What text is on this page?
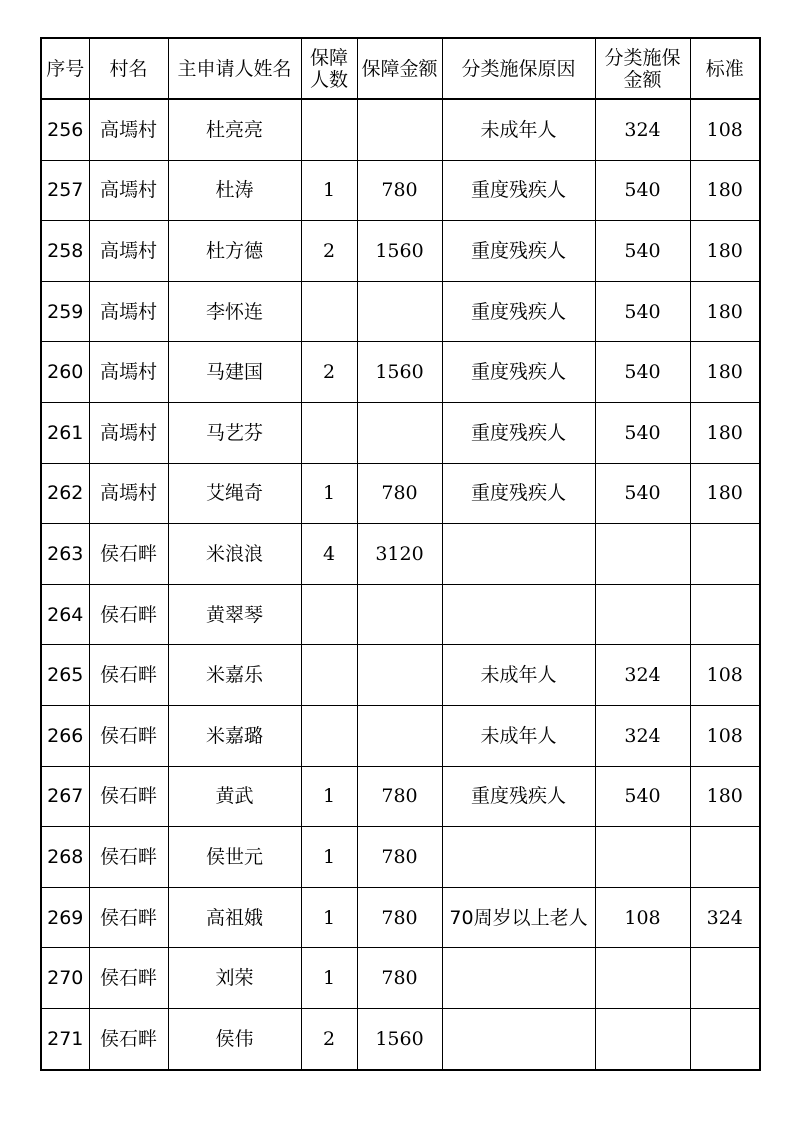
序号	村名	主申请人姓名	保障人数	保障金额	分类施保原因	分类施保金额	标准
256	高墕村	杜亮亮			未成年人	324	108
257	高墕村	杜涛	1	780	重度残疾人	540	180
258	高墕村	杜方德	2	1560	重度残疾人	540	180
259	高墕村	李怀连			重度残疾人	540	180
260	高墕村	马建国	2	1560	重度残疾人	540	180
261	高墕村	马艺芬			重度残疾人	540	180
262	高墕村	艾绳奇	1	780	重度残疾人	540	180
263	侯石畔	米浪浪	4	3120			
264	侯石畔	黄翠琴					
265	侯石畔	米嘉乐			未成年人	324	108
266	侯石畔	米嘉璐			未成年人	324	108
267	侯石畔	黄武	1	780	重度残疾人	540	180
268	侯石畔	侯世元	1	780			
269	侯石畔	高祖娥	1	780	70周岁以上老人	108	324
270	侯石畔	刘荣	1	780			
271	侯石畔	侯伟	2	1560			
